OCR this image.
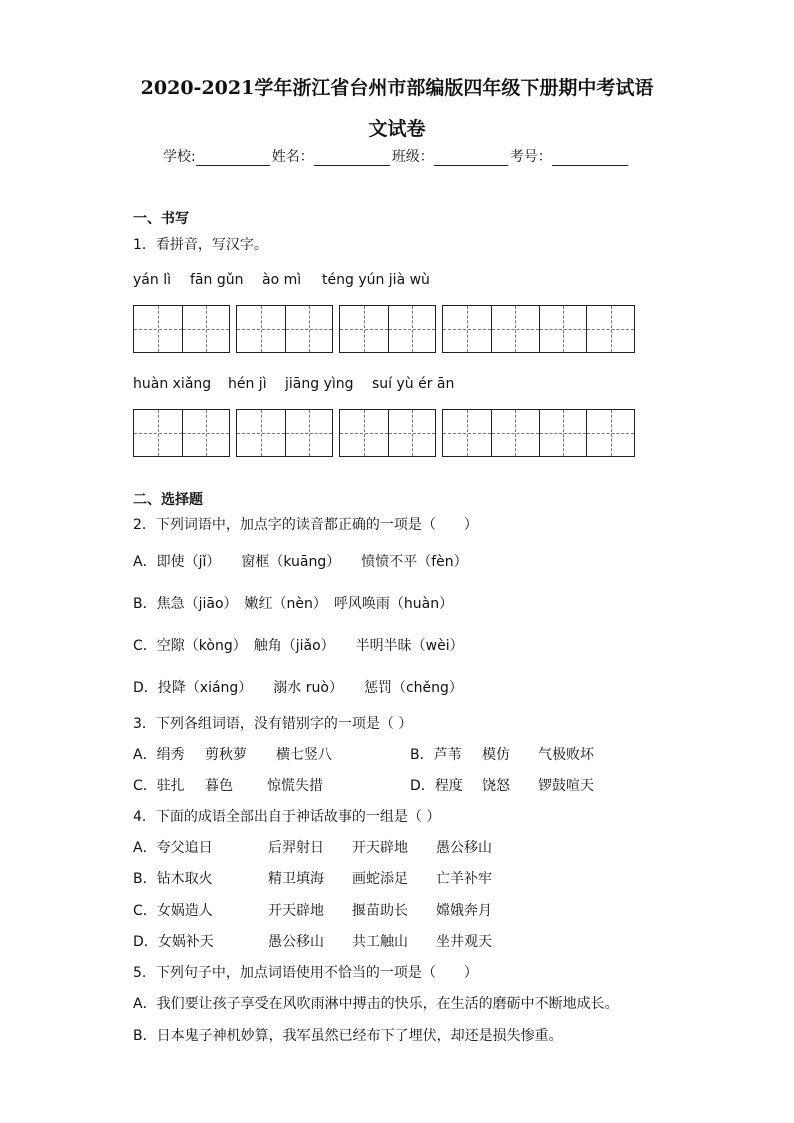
2020-2021学年浙江省台州市部编版四年级下册期中考试语
文试卷
学校:	姓名：	班级：	考号：
一、书写
1．看拼音，写汉字。
yán lì fān gǔn ào mì téng yún jià wù
huàn xiǎng hén jì jiāng yìng suí yù ér ān
二、选择题
2．下列词语中，加点字的读音都正确的一项是（　　）
A．即使（jǐ）　　窗框（kuāng）　　愤愤不平（fèn）
B．焦急（jiāo）　嫩红（nèn）　呼风唤雨（huàn）
C．空隙（kòng）　触角（jiǎo）　　半明半昧（wèi）
D．投降（xiáng）　　溺水 ruò）　　惩罚（chěng）
3．下列各组词语，没有错别字的一项是（ ）
A．绢秀 剪秋萝 横七竖八	B．芦苇 模仿 气极败坏
C．驻扎 暮色 惊慌失措	D．程度 饶怒 锣鼓喧天
4．下面的成语全部出自于神话故事的一组是（ ）
A．夸父追日	后羿射日 开天辟地 愚公移山
B．钻木取火	精卫填海 画蛇添足 亡羊补牢
C．女娲造人	开天辟地 揠苗助长 嫦娥奔月
D．女娲补天	愚公移山 共工触山 坐井观天
5．下列句子中，加点词语使用不恰当的一项是（　　）
A．我们要让孩子享受在风吹雨淋中搏击的快乐，在生活的磨砺中不断地成长。
B．日本鬼子神机妙算，我军虽然已经布下了埋伏，却还是损失惨重。
